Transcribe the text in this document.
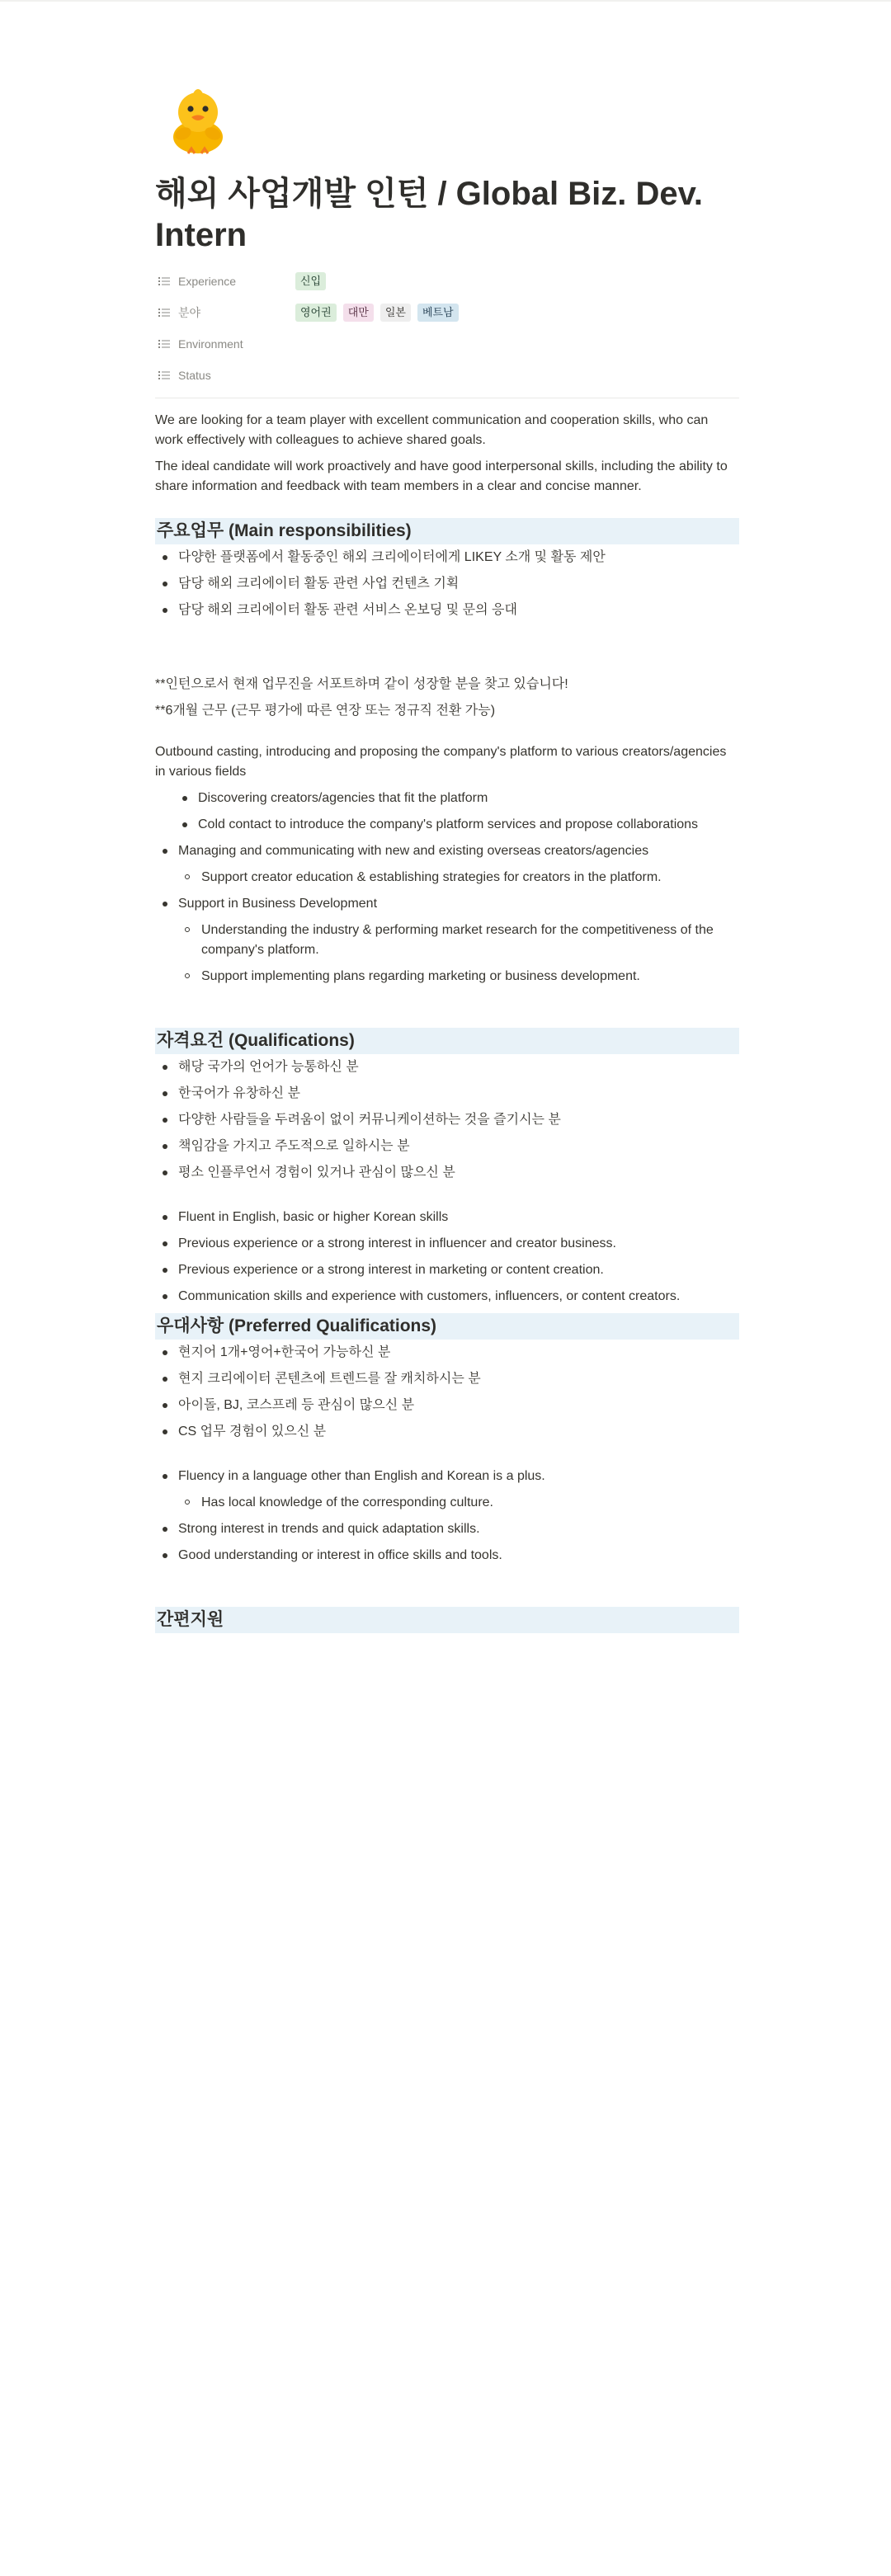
해외 사업개발 인턴 / Global Biz. Dev. Intern
Experience	신입
분야	영어권	대만	일본	베트남
Environment
Status

We are looking for a team player with excellent communication and cooperation skills, who can work effectively with colleagues to achieve shared goals.

The ideal candidate will work proactively and have good interpersonal skills, including the ability to share information and feedback with team members in a clear and concise manner.

주요업무 (Main responsibilities)
다양한 플랫폼에서 활동중인 해외 크리에이터에게 LIKEY 소개 및 활동 제안
담당 해외 크리에이터 활동 관련 사업 컨텐츠 기획
담당 해외 크리에이터 활동 관련 서비스 온보딩 및 문의 응대

**인턴으로서 현재 업무진을 서포트하며 같이 성장할 분을 찾고 있습니다!

**6개월 근무 (근무 평가에 따른 연장 또는 정규직 전환 가능)

Outbound casting, introducing and proposing the company's platform to various creators/agencies in various fields

Discovering creators/agencies that fit the platform
Cold contact to introduce the company's platform services and propose collaborations
Managing and communicating with new and existing overseas creators/agencies
Support creator education & establishing strategies for creators in the platform.
Support in Business Development
Understanding the industry & performing market research for the competitiveness of the company's platform.
Support implementing plans regarding marketing or business development.
자격요건 (Qualifications)
해당 국가의 언어가 능통하신 분
한국어가 유창하신 분
다양한 사람들을 두려움이 없이 커뮤니케이션하는 것을 즐기시는 분
책임감을 가지고 주도적으로 일하시는 분
평소 인플루언서 경험이 있거나 관심이 많으신 분
Fluent in English, basic or higher Korean skills
Previous experience or a strong interest in influencer and creator business.
Previous experience or a strong interest in marketing or content creation.
Communication skills and experience with customers, influencers, or content creators.
우대사항 (Preferred Qualifications)
현지어 1개+영어+한국어 가능하신 분
현지 크리에이터 콘텐츠에 트렌드를 잘 캐치하시는 분
아이돌, BJ, 코스프레 등 관심이 많으신 분
CS 업무 경험이 있으신 분
Fluency in a language other than English and Korean is a plus.
Has local knowledge of the corresponding culture.
Strong interest in trends and quick adaptation skills.
Good understanding or interest in office skills and tools.
간편지원
